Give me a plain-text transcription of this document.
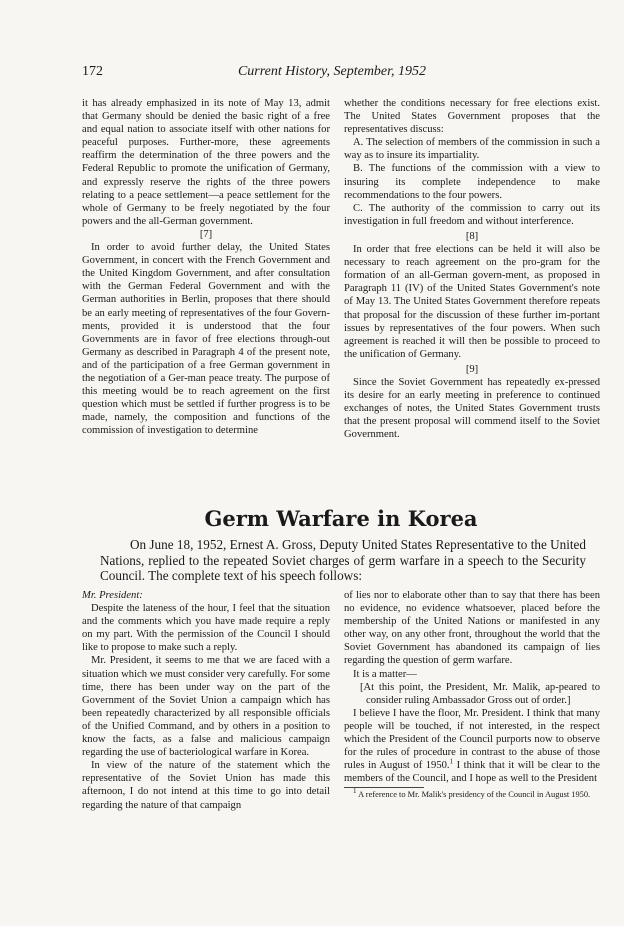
172	Current History, September, 1952

it has already emphasized in its note of May 13, admit that Germany should be denied the basic right of a free and equal nation to associate itself with other nations for peaceful purposes. Further-more, these agreements reaffirm the determination of the three powers and the Federal Republic to promote the unification of Germany, and expressly reserve the rights of the three powers relating to a peace settlement—a peace settlement for the whole of Germany to be freely negotiated by the four powers and the all-German government.

[7]

In order to avoid further delay, the United States Government, in concert with the French Government and the United Kingdom Government, and after consultation with the German Federal Government and with the German authorities in Berlin, proposes that there should be an early meeting of representatives of the four Govern-ments, provided it is understood that the four Governments are in favor of free elections through-out Germany as described in Paragraph 4 of the present note, and of the participation of a free German government in the negotiation of a Ger-man peace treaty. The purpose of this meeting would be to reach agreement on the first question which must be settled if further progress is to be made, namely, the composition and functions of the commission of investigation to determine

whether the conditions necessary for free elections exist. The United States Government proposes that the representatives discuss:

A. The selection of members of the commission in such a way as to insure its impartiality.

B. The functions of the commission with a view to insuring its complete independence to make recommendations to the four powers.

C. The authority of the commission to carry out its investigation in full freedom and without interference.

[8]

In order that free elections can be held it will also be necessary to reach agreement on the pro-gram for the formation of an all-German govern-ment, as proposed in Paragraph 11 (IV) of the United States Government's note of May 13. The United States Government therefore repeats that proposal for the discussion of these further im-portant issues by representatives of the four powers. When such agreement is reached it will then be possible to proceed to the unification of Germany.

[9]

Since the Soviet Government has repeatedly ex-pressed its desire for an early meeting in preference to continued exchanges of notes, the United States Government trusts that the present proposal will commend itself to the Soviet Government.

Germ Warfare in Korea

On June 18, 1952, Ernest A. Gross, Deputy United States Representative to the United Nations, replied to the repeated Soviet charges of germ warfare in a speech to the Security Council. The complete text of his speech follows:

Mr. President:

Despite the lateness of the hour, I feel that the situation and the comments which you have made require a reply on my part. With the permission of the Council I should like to propose to make such a reply.

Mr. President, it seems to me that we are faced with a situation which we must consider very carefully. For some time, there has been under way on the part of the Government of the Soviet Union a campaign which has been repeatedly characterized by all responsible officials of the Unified Command, and by others in a position to know the facts, as a false and malicious campaign regarding the use of bacteriological warfare in Korea.

In view of the nature of the statement which the representative of the Soviet Union has made this afternoon, I do not intend at this time to go into detail regarding the nature of that campaign

of lies nor to elaborate other than to say that there has been no evidence, no evidence whatsoever, placed before the membership of the United Nations or manifested in any other way, on any other front, throughout the world that the Soviet Government has abandoned its campaign of lies regarding the question of germ warfare.

It is a matter—

[At this point, the President, Mr. Malik, ap-peared to consider ruling Ambassador Gross out of order.]

I believe I have the floor, Mr. President. I think that many people will be touched, if not interested, in the respect which the President of the Council purports now to observe for the rules of procedure in contrast to the abuse of those rules in August of 1950.$^1$ I think that it will be clear to the members of the Council, and I hope as well to the President

$^1$ A reference to Mr. Malik's presidency of the Council in August 1950.
